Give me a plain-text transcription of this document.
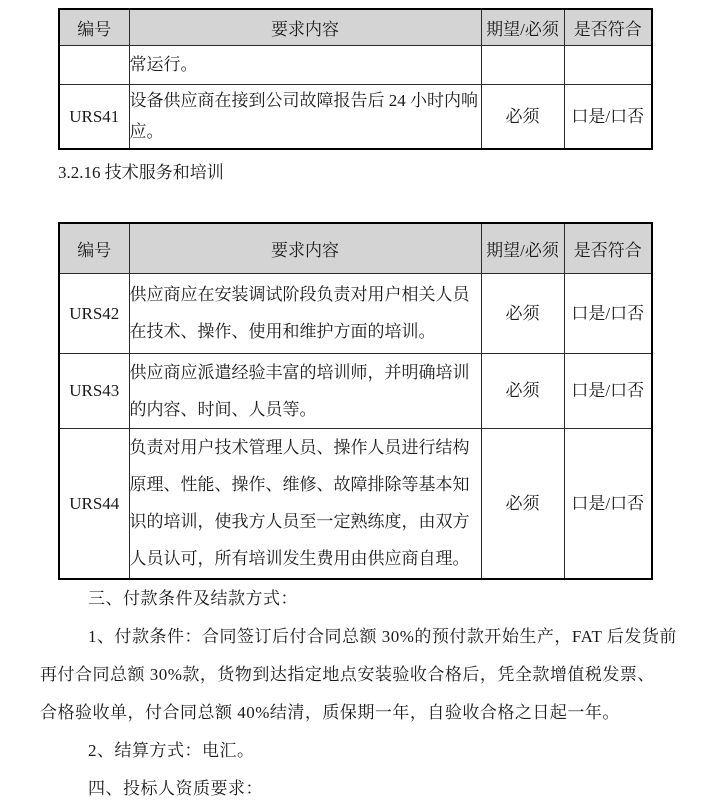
编号	要求内容	期望/必须	是否符合
	常运行。		
URS41	设备供应商在接到公司故障报告后 24 小时内响应。	必须	口是/口否
3.2.16 技术服务和培训
编号	要求内容	期望/必须	是否符合
URS42	供应商应在安装调试阶段负责对用户相关人员在技术、操作、使用和维护方面的培训。	必须	口是/口否
URS43	供应商应派遣经验丰富的培训师，并明确培训的内容、时间、人员等。	必须	口是/口否
URS44	负责对用户技术管理人员、操作人员进行结构原理、性能、操作、维修、故障排除等基本知识的培训，使我方人员至一定熟练度，由双方人员认可，所有培训发生费用由供应商自理。	必须	口是/口否
三、付款条件及结款方式：
1、付款条件：合同签订后付合同总额 30%的预付款开始生产，FAT 后发货前
再付合同总额 30%款，货物到达指定地点安装验收合格后，凭全款增值税发票、
合格验收单，付合同总额 40%结清，质保期一年，自验收合格之日起一年。
2、结算方式：电汇。
四、投标人资质要求：
